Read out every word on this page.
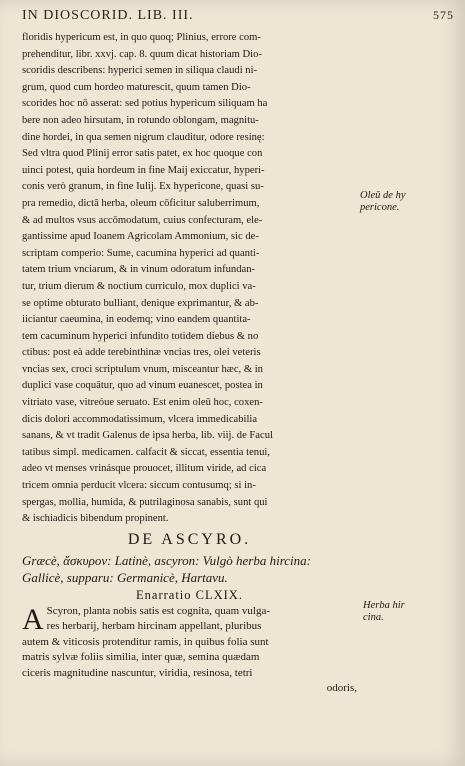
IN DIOSCORID. LIB. III.	575
floridis hypericum est, in quo quoq; Plinius, errore com-
prehenditur, libr. xxvj. cap. 8. quum dicat historiam Dio-
scoridis describens: hyperici semen in siliqua claudi ni-
grum, quod cum hordeo maturescit, quum tamen Dio-
scorides hoc nō asserat: sed potius hypericum siliquam ha
bere non adeo hirsutam, in rotundo oblongam, magnitu-
dine hordei, in qua semen nigrum clauditur, odore resinę:
Sed vltra quod Plinij error satis patet, ex hoc quoque con
uinci potest, quia hordeum in fine Maij exiccatur, hyperi-
conis verò granum, in fine Iulij. Ex hypericone, quasi su-
pra remedio, dictâ herba, oleum cōficitur saluberrimum,
& ad multos vsus accōmodatum, cuius confecturam, ele-
gantissime apud Ioanem Agricolam Ammonium, sic de-
scriptam comperio: Sume, cacumina hyperici ad quanti-
tatem trium vnciarum, & in vinum odoratum infundan-
tur, trium dierum & noctium curriculo, mox duplici va-
se optime obturato bulliant, denique exprimantur, & ab-
iiciantur caeumina, in eodemq; vino eandem quantita-
tem cacuminum hyperici infundito totidem diebus & no
ctibus: post eà adde terebinthinæ vncias tres, olei veteris
vncias sex, croci scriptulum vnum, misceantur hæc, & in
duplici vase coquātur, quo ad vinum euanescet, postea in
vitriato vase, vitreóue seruato. Est enim oleū hoc, coxen-
dicis dolori accommodatissimum, vlcera immedicabilia
sanans, & vt tradit Galenus de ipsa herba, lib. viij. de Facul
tatibus simpl. medicamen. calfacit & siccat, essentia tenui,
adeo vt menses vrinásque prouocet, illitum viride, ad cica
tricem omnia perducit vlcera: siccum contusumq; si in-
spergas, mollia, humida, & putrilaginosa sanabis, sunt qui
& ischiadicis bibendum propinent.
DE ASCYRO.
Græcè, ἄσκυρον: Latinè, ascyron: Vulgò herba hircina:
Gallicè, supparu: Germanicè, Hartavu.
Enarratio CLXIX.
A Scyron, planta nobis satis est cognita, quam vulga-
res herbarij, herbam hircinam appellant, pluribus
autem & viticosis protenditur ramis, in quibus folia sunt
matris sylvæ foliis similia, inter quæ, semina quædam
ciceris magnitudine nascuntur, viridia, resinosa, tetri
odoris,
Oleū de hy
pericone.
Herba hir
cina.
